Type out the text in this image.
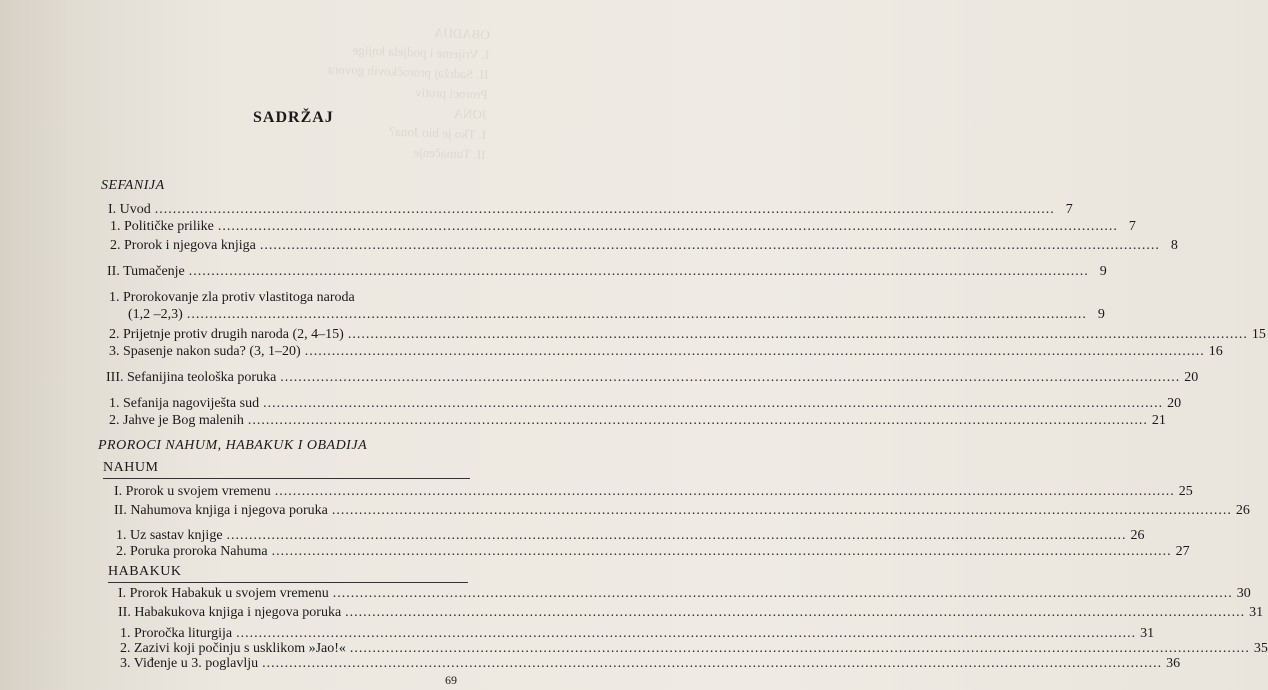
OBADIJA
I. Vrijeme i podjela knjige
II. Sadržaj proročkovih govora
Proroci protiv
JONA
I. Tko je bio Jona?
II. Tumačenje
SADRŽAJ
SEFANIJA
I. Uvod ........................................................................................................................................................................................................ 7
1. Političke prilike ........................................................................................................................................................................................................ 7
2. Prorok i njegova knjiga ........................................................................................................................................................................................................ 8
II. Tumačenje ........................................................................................................................................................................................................ 9
1. Prorokovanje zla protiv vlastitoga naroda
(1,2 –2,3) ........................................................................................................................................................................................................ 9
2. Prijetnje protiv drugih naroda (2, 4–15) ........................................................................................................................................................................................................ 15
3. Spasenje nakon suda? (3, 1–20) ........................................................................................................................................................................................................ 16
III. Sefanijina teološka poruka ........................................................................................................................................................................................................ 20
1. Sefanija nagoviješta sud ........................................................................................................................................................................................................ 20
2. Jahve je Bog malenih ........................................................................................................................................................................................................ 21
PROROCI NAHUM, HABAKUK I OBADIJA
NAHUM
I. Prorok u svojem vremenu ........................................................................................................................................................................................................ 25
II. Nahumova knjiga i njegova poruka ........................................................................................................................................................................................................ 26
1. Uz sastav knjige ........................................................................................................................................................................................................ 26
2. Poruka proroka Nahuma ........................................................................................................................................................................................................ 27
HABAKUK
I. Prorok Habakuk u svojem vremenu ........................................................................................................................................................................................................ 30
II. Habakukova knjiga i njegova poruka ........................................................................................................................................................................................................ 31
1. Proročka liturgija ........................................................................................................................................................................................................ 31
2. Zazivi koji počinju s usklikom »Jao!« ........................................................................................................................................................................................................ 35
3. Viđenje u 3. poglavlju ........................................................................................................................................................................................................ 36
69
